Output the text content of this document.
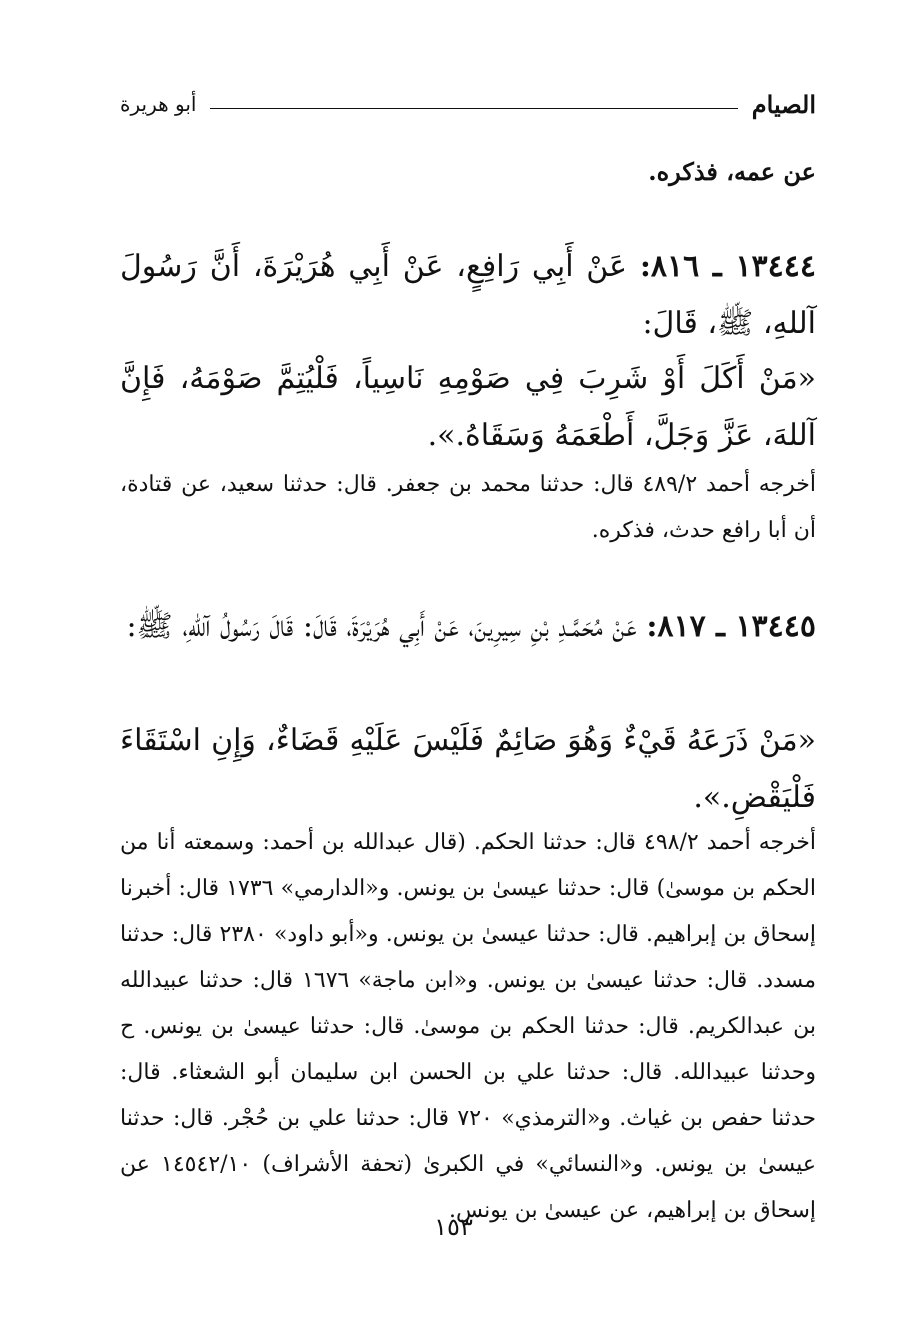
الصيام
أبو هريرة
عن عمه، فذكره.
١٣٤٤٤ ـ ٨١٦: عَنْ أَبِي رَافِعٍ، عَنْ أَبِي هُرَيْرَةَ، أَنَّ رَسُولَ آللهِ، ﷺ، قَالَ:
«مَنْ أَكَلَ أَوْ شَرِبَ فِي صَوْمِهِ نَاسِياً، فَلْيُتِمَّ صَوْمَهُ، فَإِنَّ آللهَ، عَزَّ وَجَلَّ، أَطْعَمَهُ وَسَقَاهُ.».
أخرجه أحمد ٤٨٩/٢ قال: حدثنا محمد بن جعفر. قال: حدثنا سعيد، عن قتادة، أن أبا رافع حدث، فذكره.
١٣٤٤٥ ـ ٨١٧: عَنْ مُحَمَّـدِ بْنِ سِيرِينَ، عَنْ أَبِي هُرَيْرَةَ، قَالَ: قَالَ رَسُولُ آللهِ، ﷺ:
«مَنْ ذَرَعَهُ قَيْءٌ وَهُوَ صَائِمٌ فَلَيْسَ عَلَيْهِ قَضَاءٌ، وَإِنِ اسْتَقَاءَ فَلْيَقْضِ.».
أخرجه أحمد ٤٩٨/٢ قال: حدثنا الحكم. (قال عبدالله بن أحمد: وسمعته أنا من الحكم بن موسىٰ) قال: حدثنا عيسىٰ بن يونس. و«الدارمي» ١٧٣٦ قال: أخبرنا إسحاق بن إبراهيم. قال: حدثنا عيسىٰ بن يونس. و«أبو داود» ٢٣٨٠ قال: حدثنا مسدد. قال: حدثنا عيسىٰ بن يونس. و«ابن ماجة» ١٦٧٦ قال: حدثنا عبيدالله بن عبدالكريم. قال: حدثنا الحكم بن موسىٰ. قال: حدثنا عيسىٰ بن يونس. ح وحدثنا عبيدالله. قال: حدثنا علي بن الحسن ابن سليمان أبو الشعثاء. قال: حدثنا حفص بن غياث. و«الترمذي» ٧٢٠ قال: حدثنا علي بن حُجْر. قال: حدثنا عيسىٰ بن يونس. و«النسائي» في الكبرىٰ (تحفة الأشراف) ١٤٥٤٢/١٠ عن إسحاق بن إبراهيم، عن عيسىٰ بن يونس.
١٥٣
